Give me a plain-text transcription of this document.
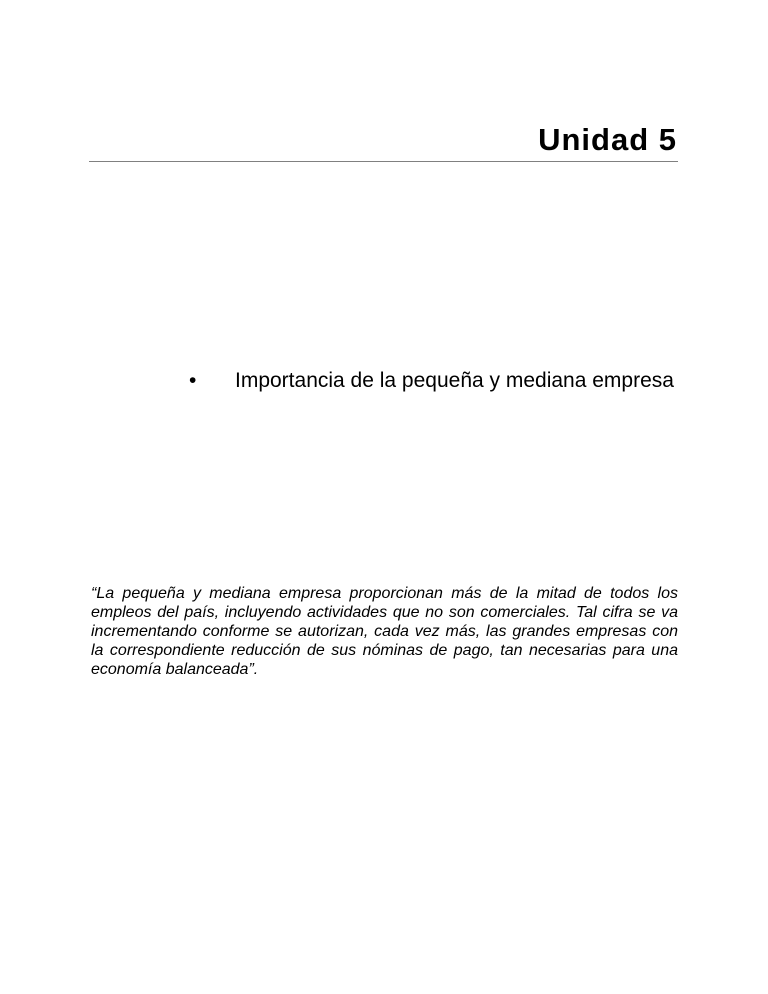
Unidad 5
• Importancia de la pequeña y mediana empresa

“La pequeña y mediana empresa proporcionan más de la mitad de todos los empleos del país, incluyendo actividades que no son comerciales. Tal cifra se va incrementando conforme se autorizan, cada vez más, las grandes empresas con la correspondiente reducción de sus nóminas de pago, tan necesarias para una economía balanceada”.
